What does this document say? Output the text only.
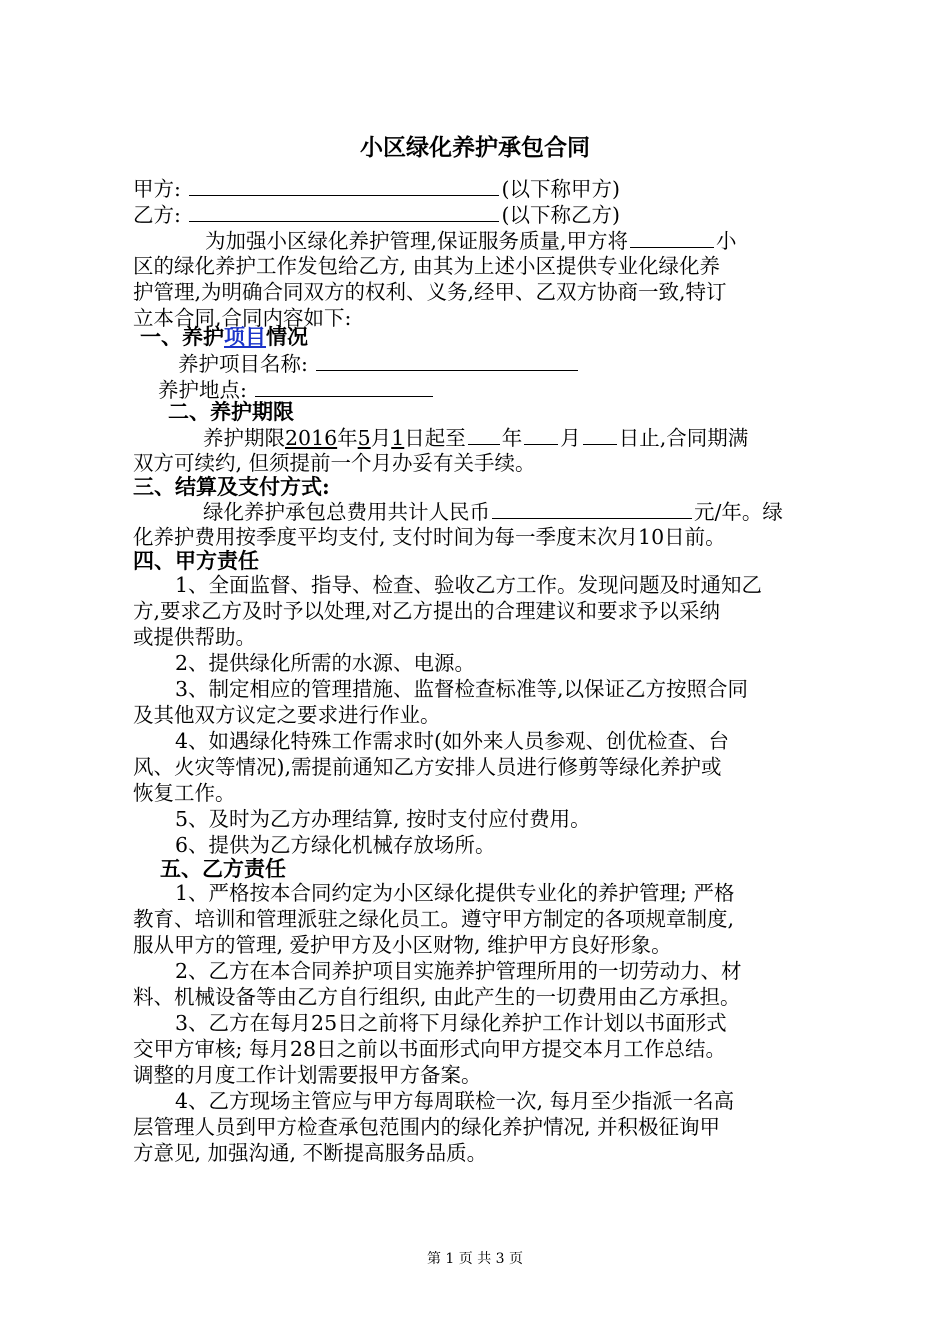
小区绿化养护承包合同
甲方:	(以下称甲方)
乙方:	(以下称乙方)
为加强小区绿化养护管理,保证服务质量,甲方将	小
区的绿化养护工作发包给乙方, 由其为上述小区提供专业化绿化养
护管理,为明确合同双方的权利、义务,经甲、乙双方协商一致,特订
立本合同,合同内容如下:
一、养护项目情况
养护项目名称:
养护地点:
二、养护期限
养护期限2016年5月1日起至 年 月 日止,合同期满
双方可续约, 但须提前一个月办妥有关手续。
三、结算及支付方式:
绿化养护承包总费用共计人民币	元/年。绿
化养护费用按季度平均支付, 支付时间为每一季度末次月10日前。
四、甲方责任
1、全面监督、指导、检查、验收乙方工作。发现问题及时通知乙
方,要求乙方及时予以处理,对乙方提出的合理建议和要求予以采纳
或提供帮助。
2、提供绿化所需的水源、电源。
3、制定相应的管理措施、监督检查标准等,以保证乙方按照合同
及其他双方议定之要求进行作业。
4、如遇绿化特殊工作需求时(如外来人员参观、创优检查、台
风、火灾等情况),需提前通知乙方安排人员进行修剪等绿化养护或
恢复工作。
5、及时为乙方办理结算, 按时支付应付费用。
6、提供为乙方绿化机械存放场所。
五、乙方责任
1、严格按本合同约定为小区绿化提供专业化的养护管理; 严格
教育、培训和管理派驻之绿化员工。遵守甲方制定的各项规章制度,
服从甲方的管理, 爱护甲方及小区财物, 维护甲方良好形象。
2、乙方在本合同养护项目实施养护管理所用的一切劳动力、材
料、机械设备等由乙方自行组织, 由此产生的一切费用由乙方承担。
3、乙方在每月25日之前将下月绿化养护工作计划以书面形式
交甲方审核; 每月28日之前以书面形式向甲方提交本月工作总结。
调整的月度工作计划需要报甲方备案。
4、乙方现场主管应与甲方每周联检一次, 每月至少指派一名高
层管理人员到甲方检查承包范围内的绿化养护情况, 并积极征询甲
方意见, 加强沟通, 不断提高服务品质。
第 1 页 共 3 页
